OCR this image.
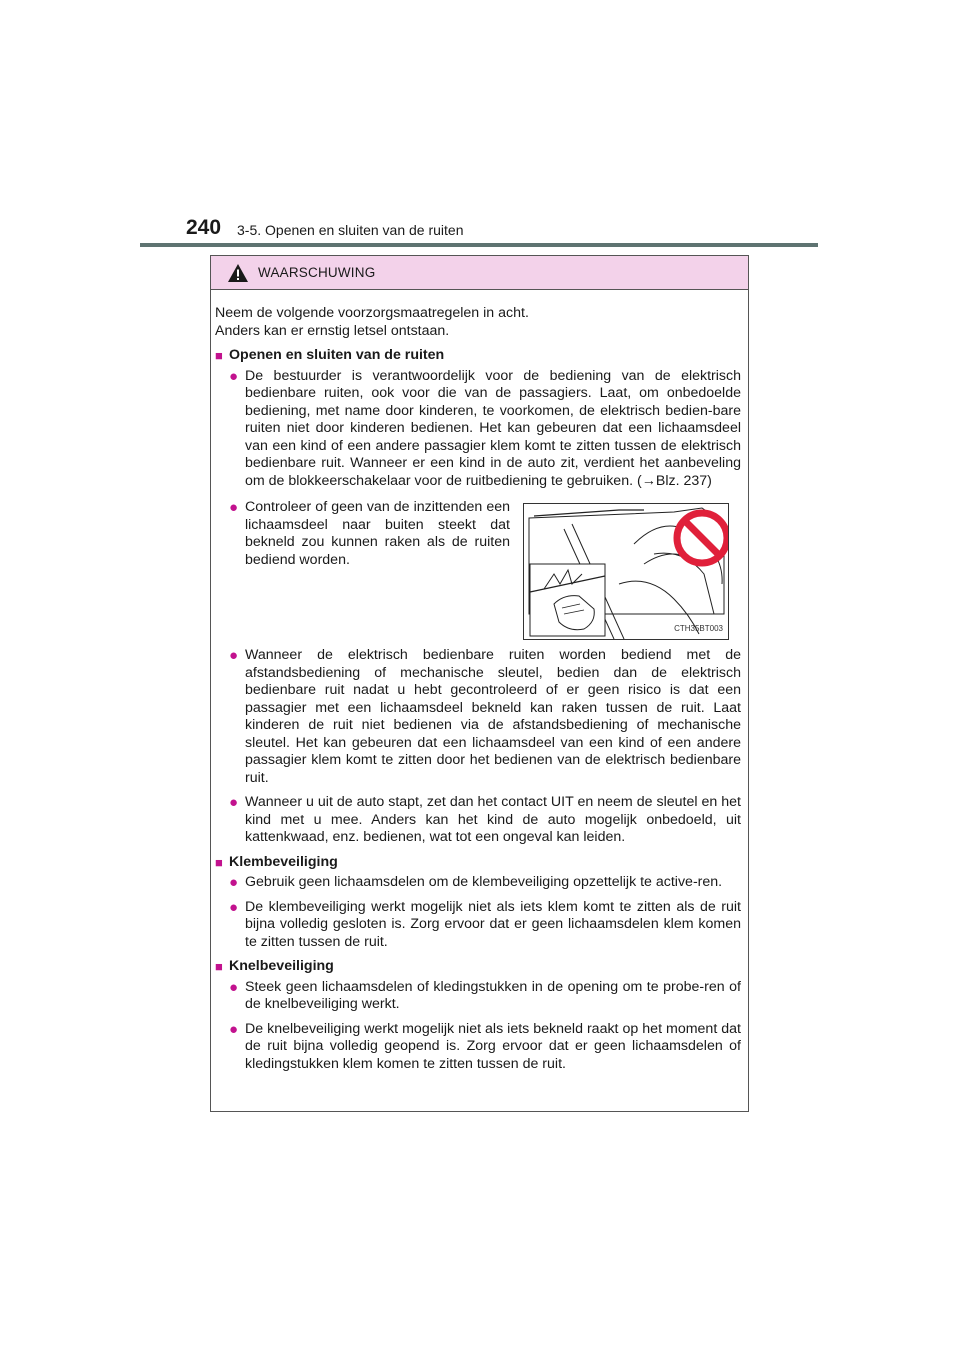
240 3-5. Openen en sluiten van de ruiten
WAARSCHUWING

Neem de volgende voorzorgsmaatregelen in acht.

Anders kan er ernstig letsel ontstaan.

■ Openen en sluiten van de ruiten
● De bestuurder is verantwoordelijk voor de bediening van de elektrisch bedienbare ruiten, ook voor die van de passagiers. Laat, om onbedoelde bediening, met name door kinderen, te voorkomen, de elektrisch bedien-bare ruiten niet door kinderen bedienen. Het kan gebeuren dat een lichaamsdeel van een kind of een andere passagier klem komt te zitten tussen de elektrisch bedienbare ruit. Wanneer er een kind in de auto zit, verdient het aanbeveling om de blokkeerschakelaar voor de ruitbediening te gebruiken. (→Blz. 237)
● Controleer of geen van de inzittenden een lichaamsdeel naar buiten steekt dat bekneld zou kunnen raken als de ruiten bediend worden.
CTH35BT003
● Wanneer de elektrisch bedienbare ruiten worden bediend met de afstandsbediening of mechanische sleutel, bedien dan de elektrisch bedienbare ruit nadat u hebt gecontroleerd of er geen risico is dat een passagier met een lichaamsdeel bekneld kan raken tussen de ruit. Laat kinderen de ruit niet bedienen via de afstandsbediening of mechanische sleutel. Het kan gebeuren dat een lichaamsdeel van een kind of een andere passagier klem komt te zitten door het bedienen van de elektrisch bedienbare ruit.
● Wanneer u uit de auto stapt, zet dan het contact UIT en neem de sleutel en het kind met u mee. Anders kan het kind de auto mogelijk onbedoeld, uit kattenkwaad, enz. bedienen, wat tot een ongeval kan leiden.
■ Klembeveiliging
● Gebruik geen lichaamsdelen om de klembeveiliging opzettelijk te active-ren.
● De klembeveiliging werkt mogelijk niet als iets klem komt te zitten als de ruit bijna volledig gesloten is. Zorg ervoor dat er geen lichaamsdelen klem komen te zitten tussen de ruit.
■ Knelbeveiliging
● Steek geen lichaamsdelen of kledingstukken in de opening om te probe-ren of de knelbeveiliging werkt.
● De knelbeveiliging werkt mogelijk niet als iets bekneld raakt op het moment dat de ruit bijna volledig geopend is. Zorg ervoor dat er geen lichaamsdelen of kledingstukken klem komen te zitten tussen de ruit.
